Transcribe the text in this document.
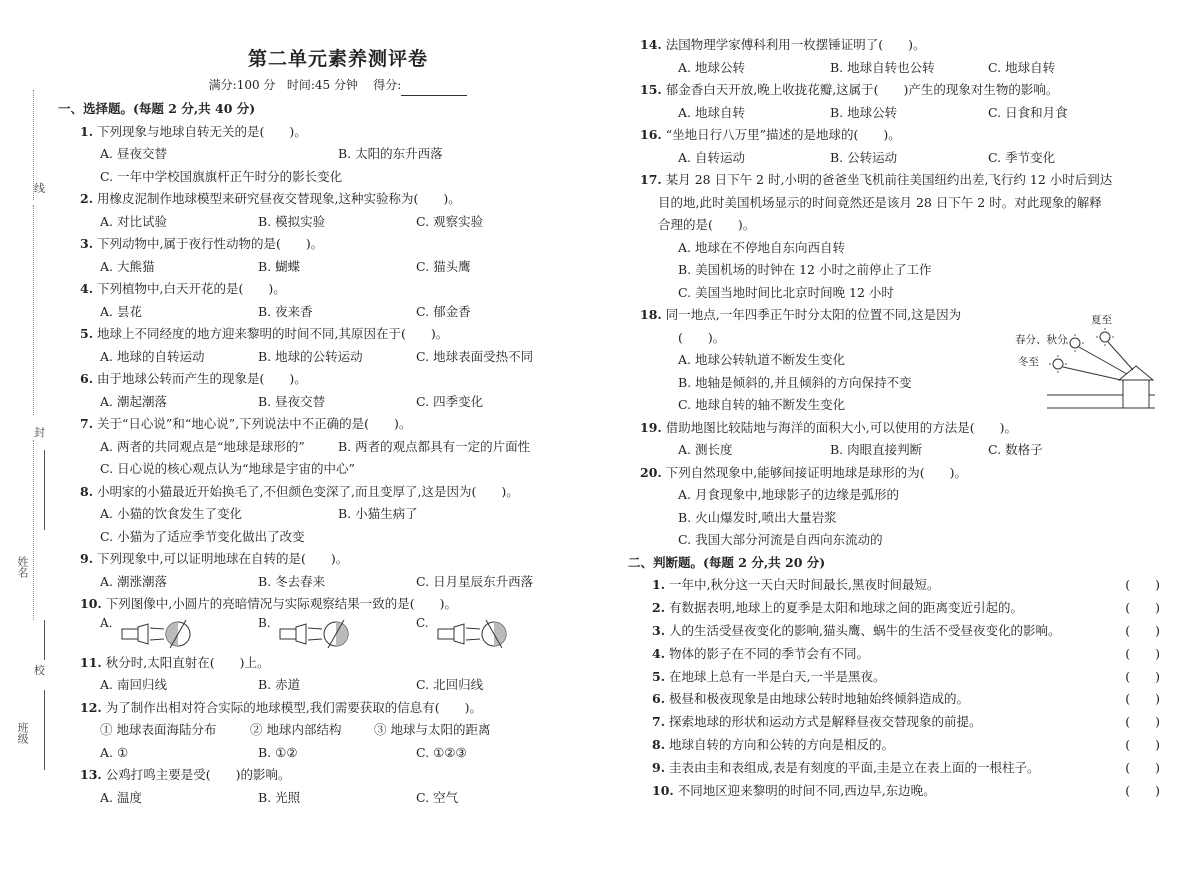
线
封
姓名
校
班级
第二单元素养测评卷
满分:100 分 时间:45 分钟 得分:
一、选择题。(每题 2 分,共 40 分)
1. 下列现象与地球自转无关的是(　　)。
A. 昼夜交替	B. 太阳的东升西落
C. 一年中学校国旗旗杆正午时分的影长变化
2. 用橡皮泥制作地球模型来研究昼夜交替现象,这种实验称为(　　)。
A. 对比试验	B. 模拟实验	C. 观察实验
3. 下列动物中,属于夜行性动物的是(　　)。
A. 大熊猫	B. 蝴蝶	C. 猫头鹰
4. 下列植物中,白天开花的是(　　)。
A. 昙花	B. 夜来香	C. 郁金香
5. 地球上不同经度的地方迎来黎明的时间不同,其原因在于(　　)。
A. 地球的自转运动	B. 地球的公转运动	C. 地球表面受热不同
6. 由于地球公转而产生的现象是(　　)。
A. 潮起潮落	B. 昼夜交替	C. 四季变化
7. 关于“日心说”和“地心说”,下列说法中不正确的是(　　)。
A. 两者的共同观点是“地球是球形的”	B. 两者的观点都具有一定的片面性
C. 日心说的核心观点认为“地球是宇宙的中心”
8. 小明家的小猫最近开始换毛了,不但颜色变深了,而且变厚了,这是因为(　　)。
A. 小猫的饮食发生了变化	B. 小猫生病了
C. 小猫为了适应季节变化做出了改变
9. 下列现象中,可以证明地球在自转的是(　　)。
A. 潮涨潮落	B. 冬去春来	C. 日月星辰东升西落
10. 下列图像中,小圆片的亮暗情况与实际观察结果一致的是(　　)。
A.	B.	C.
11. 秋分时,太阳直射在(　　)上。
A. 南回归线	B. 赤道	C. 北回归线
12. 为了制作出相对符合实际的地球模型,我们需要获取的信息有(　　)。
① 地球表面海陆分布	② 地球内部结构	③ 地球与太阳的距离
A. ①	B. ①②	C. ①②③
13. 公鸡打鸣主要是受(　　)的影响。
A. 温度	B. 光照	C. 空气
14. 法国物理学家傅科利用一枚摆锤证明了(　　)。
A. 地球公转	B. 地球自转也公转	C. 地球自转
15. 郁金香白天开放,晚上收拢花瓣,这属于(　　)产生的现象对生物的影响。
A. 地球自转	B. 地球公转	C. 日食和月食
16. “坐地日行八万里”描述的是地球的(　　)。
A. 自转运动	B. 公转运动	C. 季节变化
17. 某月 28 日下午 2 时,小明的爸爸坐飞机前往美国纽约出差,飞行约 12 小时后到达
目的地,此时美国机场显示的时间竟然还是该月 28 日下午 2 时。对此现象的解释
合理的是(　　)。
A. 地球在不停地自东向西自转
B. 美国机场的时钟在 12 小时之前停止了工作
C. 美国当地时间比北京时间晚 12 小时
18. 同一地点,一年四季正午时分太阳的位置不同,这是因为
(　　)。
A. 地球公转轨道不断发生变化
B. 地轴是倾斜的,并且倾斜的方向保持不变
C. 地球自转的轴不断发生变化
19. 借助地图比较陆地与海洋的面积大小,可以使用的方法是(　　)。
A. 测长度	B. 肉眼直接判断	C. 数格子
20. 下列自然现象中,能够间接证明地球是球形的为(　　)。
A. 月食现象中,地球影子的边缘是弧形的
B. 火山爆发时,喷出大量岩浆
C. 我国大部分河流是自西向东流动的
二、判断题。(每题 2 分,共 20 分)
1. 一年中,秋分这一天白天时间最长,黑夜时间最短。	(　　)
2. 有数据表明,地球上的夏季是太阳和地球之间的距离变近引起的。	(　　)
3. 人的生活受昼夜变化的影响,猫头鹰、蜗牛的生活不受昼夜变化的影响。	(　　)
4. 物体的影子在不同的季节会有不同。	(　　)
5. 在地球上总有一半是白天,一半是黑夜。	(　　)
6. 极昼和极夜现象是由地球公转时地轴始终倾斜造成的。	(　　)
7. 探索地球的形状和运动方式是解释昼夜交替现象的前提。	(　　)
8. 地球自转的方向和公转的方向是相反的。	(　　)
9. 圭表由圭和表组成,表是有刻度的平面,圭是立在表上面的一根柱子。	(　　)
10. 不同地区迎来黎明的时间不同,西边早,东边晚。	(　　)
夏至
春分、秋分
冬至
